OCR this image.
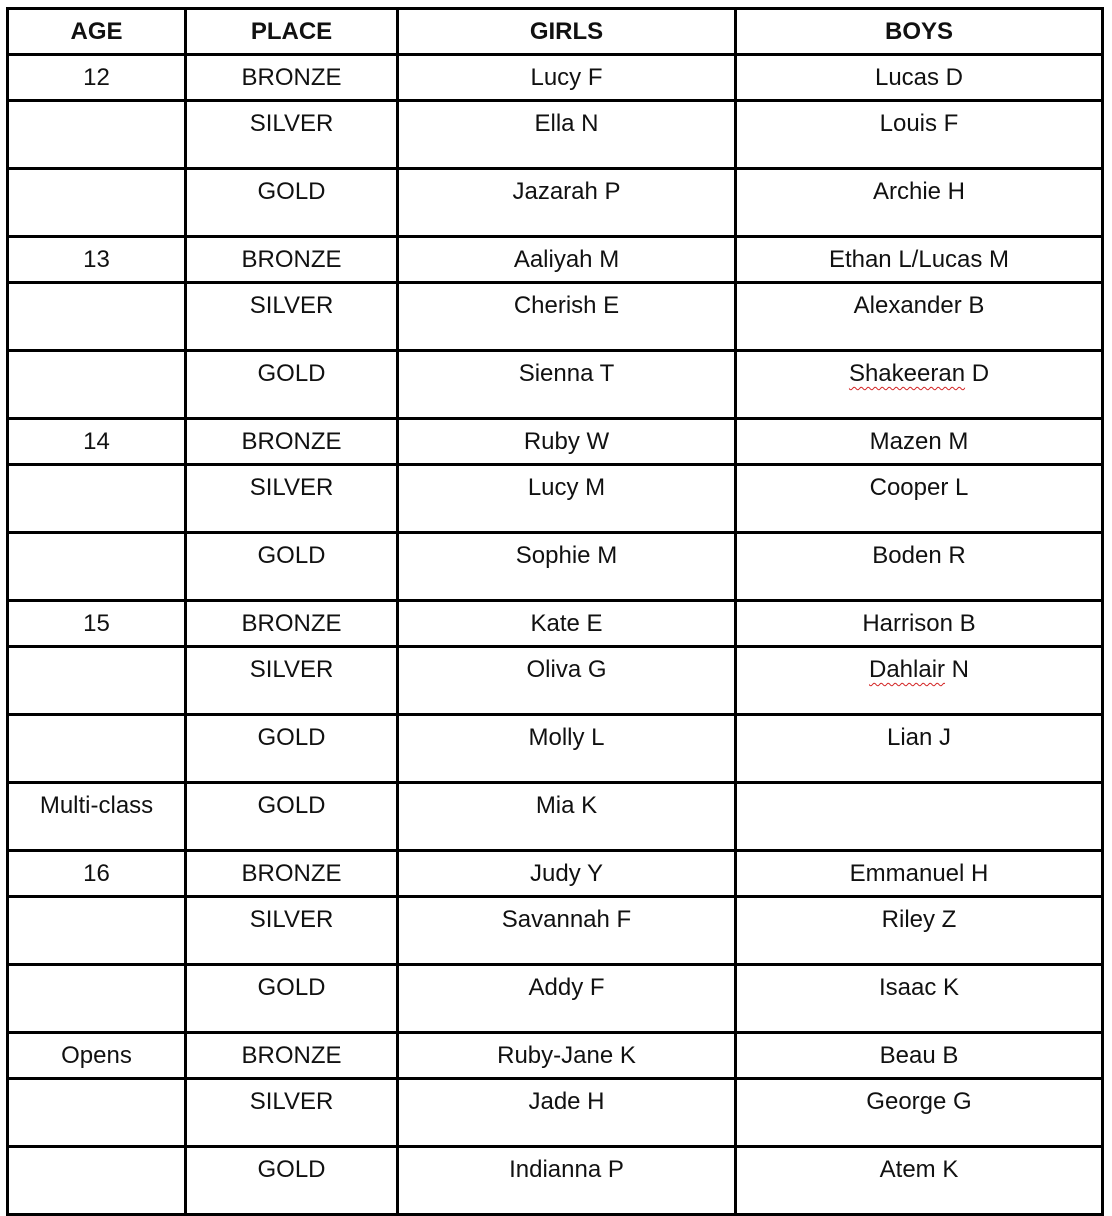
AGE	PLACE	GIRLS	BOYS
12	BRONZE	Lucy F	Lucas D
	SILVER	Ella N	Louis F
	GOLD	Jazarah P	Archie H
13	BRONZE	Aaliyah M	Ethan L/Lucas M
	SILVER	Cherish E	Alexander B
	GOLD	Sienna T	Shakeeran D
14	BRONZE	Ruby W	Mazen M
	SILVER	Lucy M	Cooper L
	GOLD	Sophie M	Boden R
15	BRONZE	Kate E	Harrison B
	SILVER	Oliva G	Dahlair N
	GOLD	Molly L	Lian J
Multi-class	GOLD	Mia K	
16	BRONZE	Judy Y	Emmanuel H
	SILVER	Savannah F	Riley Z
	GOLD	Addy F	Isaac K
Opens	BRONZE	Ruby-Jane K	Beau B
	SILVER	Jade H	George G
	GOLD	Indianna P	Atem K
